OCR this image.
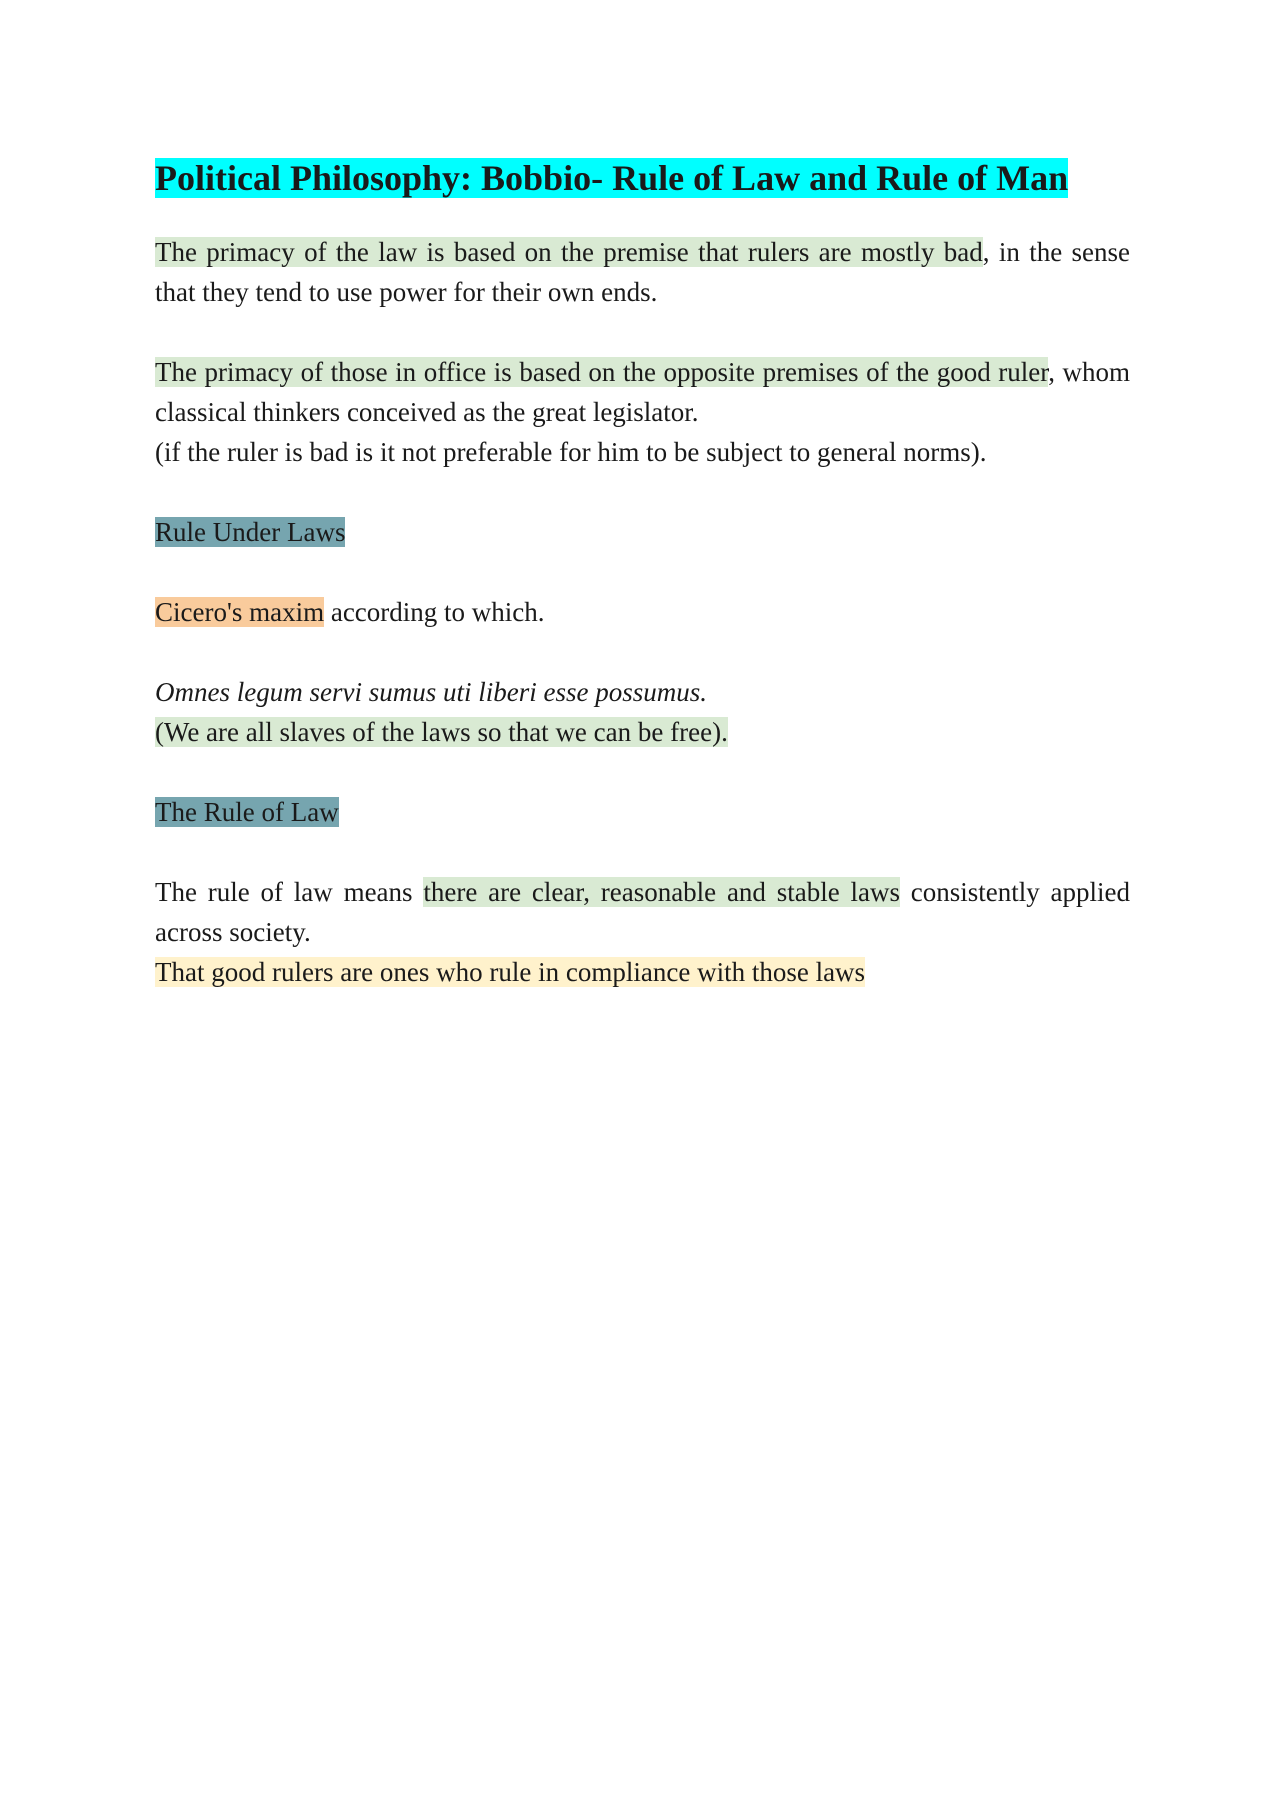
Political Philosophy: Bobbio- Rule of Law and Rule of Man

The primacy of the law is based on the premise that rulers are mostly bad, in the sense that they tend to use power for their own ends.

The primacy of those in office is based on the opposite premises of the good ruler, whom classical thinkers conceived as the great legislator.

(if the ruler is bad is it not preferable for him to be subject to general norms).

Rule Under Laws

Cicero's maxim according to which.

Omnes legum servi sumus uti liberi esse possumus.

(We are all slaves of the laws so that we can be free).

The Rule of Law

The rule of law means there are clear, reasonable and stable laws consistently applied across society.

That good rulers are ones who rule in compliance with those laws
